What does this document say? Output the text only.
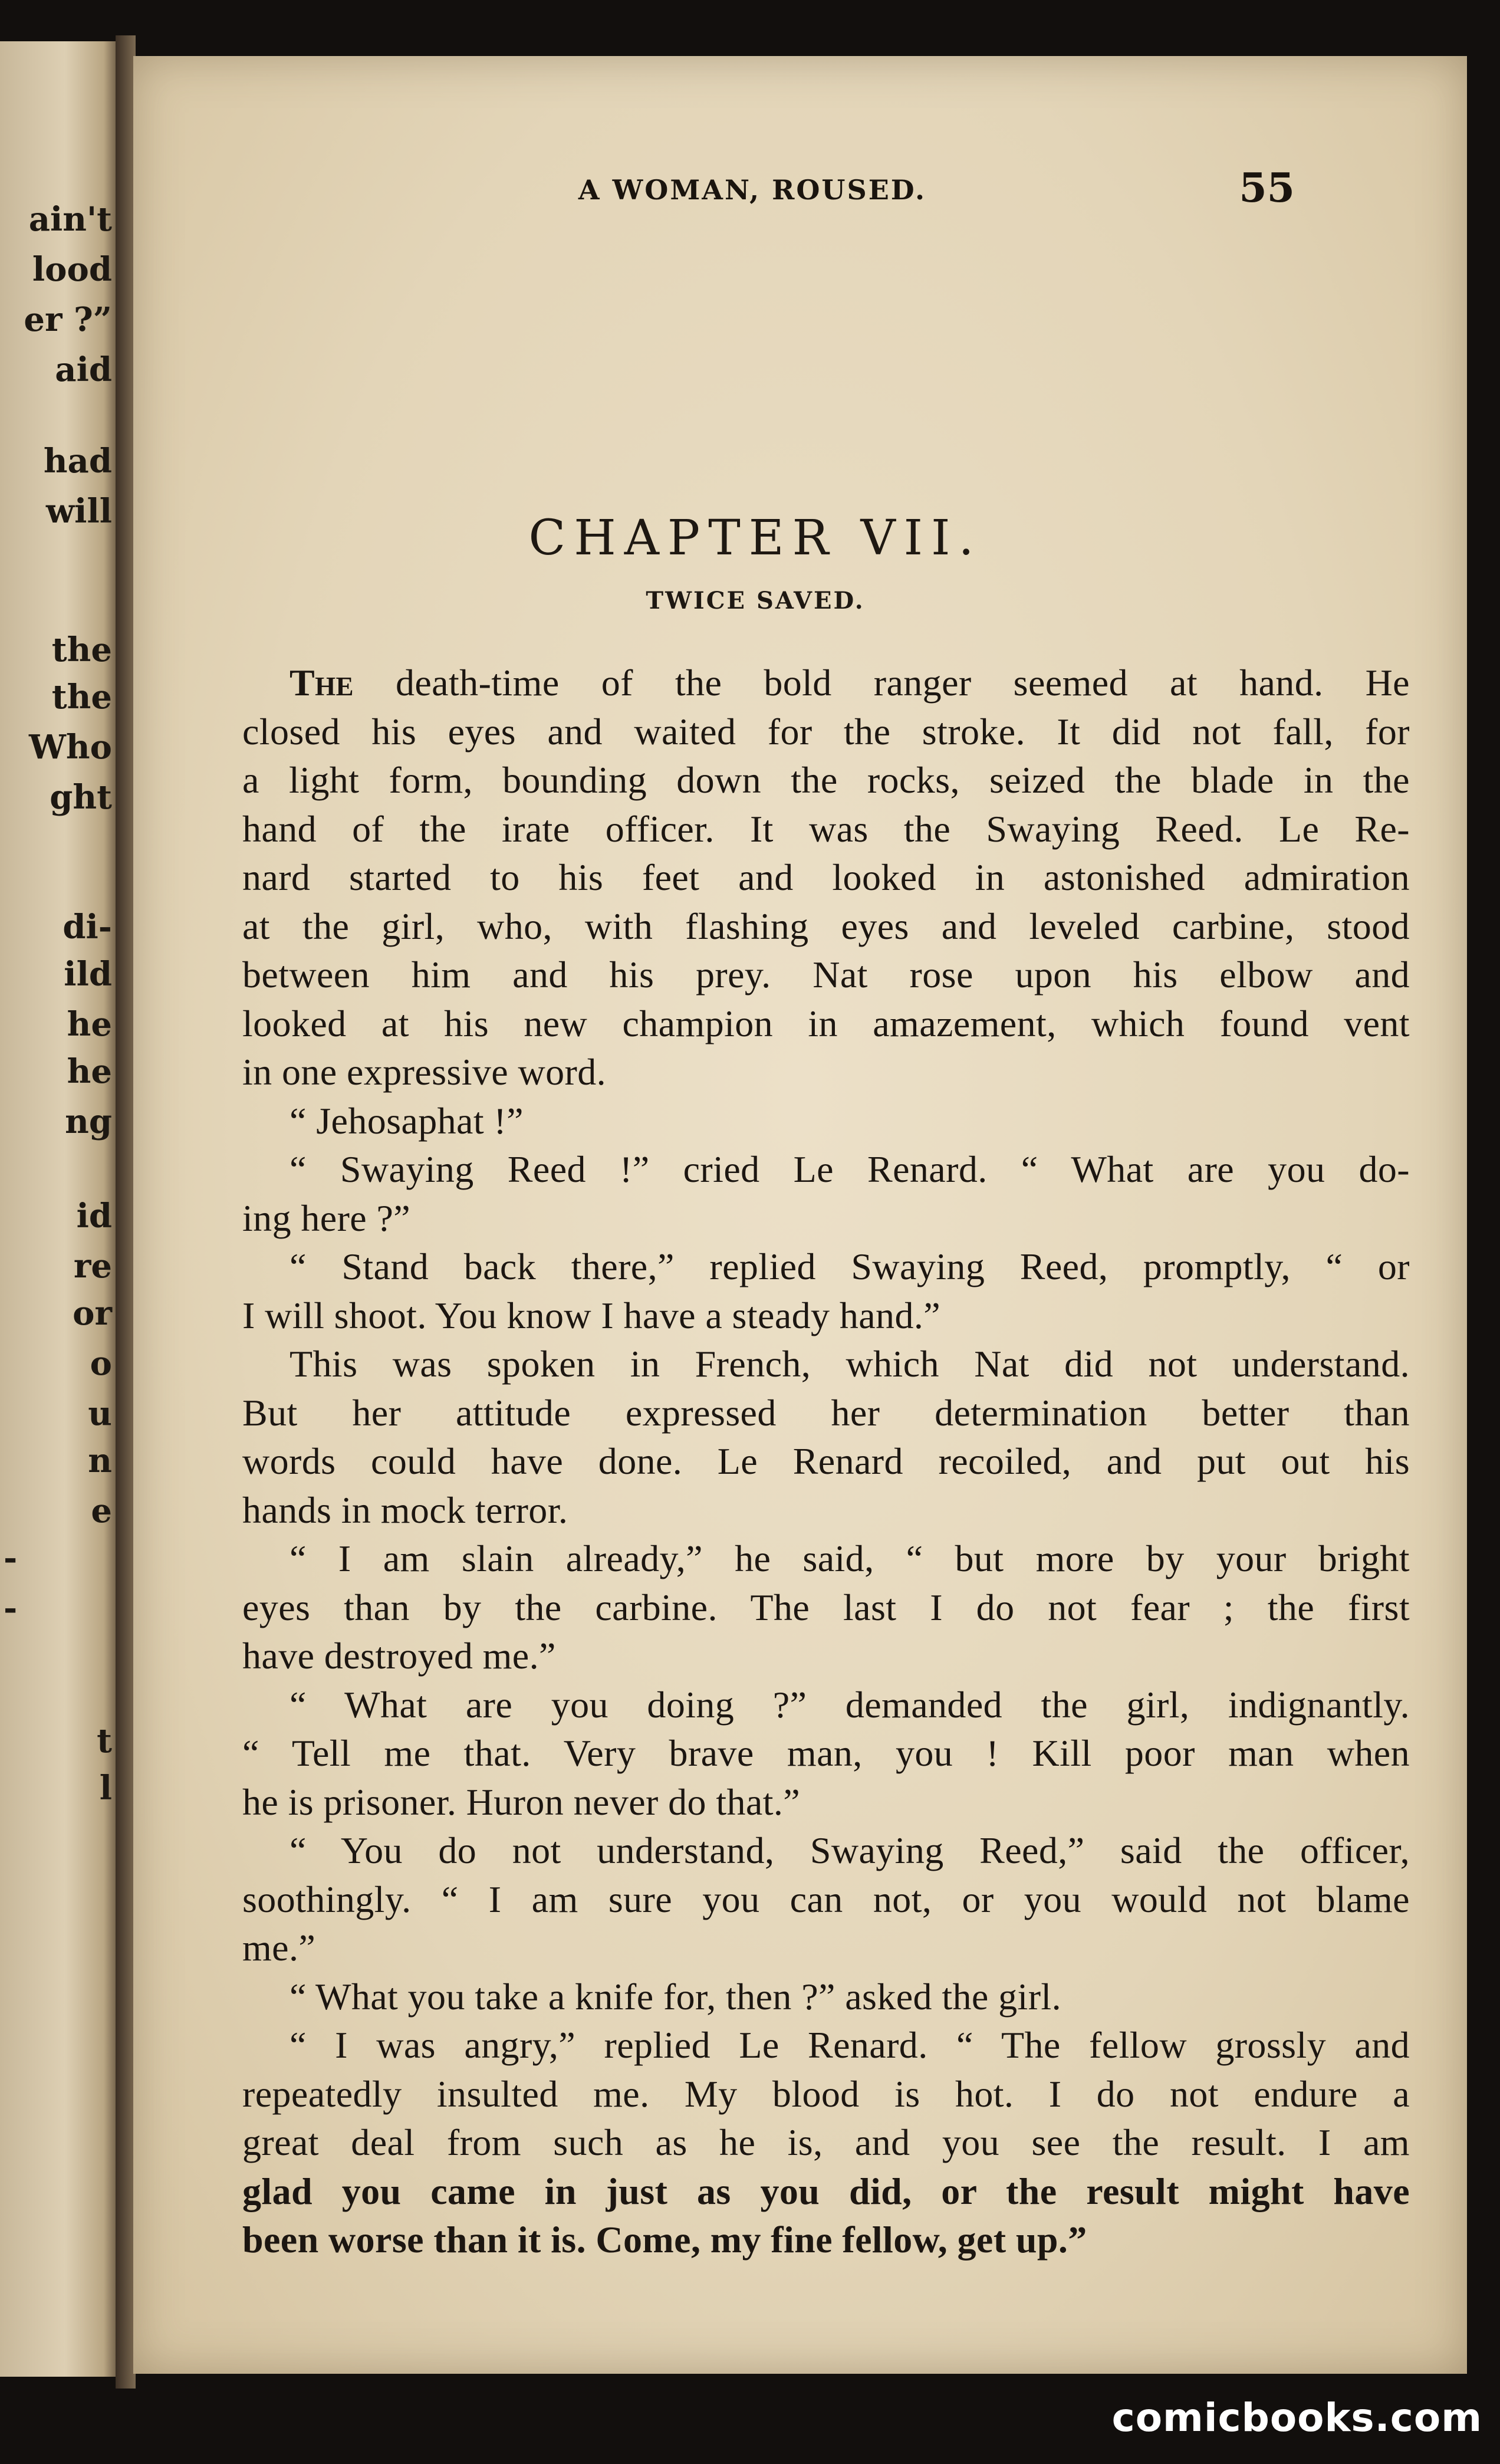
ain't
lood
er ?”
aid
had
will
the
the
Who
ght
di-
ild
he
he
ng
id
re
or
o
u
n
e
-
-
t
l
A WOMAN, ROUSED.	55
CHAPTER VII.
TWICE SAVED.
The death-time of the bold ranger seemed at hand. He
closed his eyes and waited for the stroke. It did not fall, for
a light form, bounding down the rocks, seized the blade in the
hand of the irate officer. It was the Swaying Reed. Le Re-
nard started to his feet and looked in astonished admiration
at the girl, who, with flashing eyes and leveled carbine, stood
between him and his prey. Nat rose upon his elbow and
looked at his new champion in amazement, which found vent
in one expressive word.
“ Jehosaphat !”
“ Swaying Reed !” cried Le Renard. “ What are you do-
ing here ?”
“ Stand back there,” replied Swaying Reed, promptly, “ or
I will shoot. You know I have a steady hand.”
This was spoken in French, which Nat did not understand.
But her attitude expressed her determination better than
words could have done. Le Renard recoiled, and put out his
hands in mock terror.
“ I am slain already,” he said, “ but more by your bright
eyes than by the carbine. The last I do not fear ; the first
have destroyed me.”
“ What are you doing ?” demanded the girl, indignantly.
“ Tell me that. Very brave man, you ! Kill poor man when
he is prisoner. Huron never do that.”
“ You do not understand, Swaying Reed,” said the officer,
soothingly. “ I am sure you can not, or you would not blame
me.”
“ What you take a knife for, then ?” asked the girl.
“ I was angry,” replied Le Renard. “ The fellow grossly and
repeatedly insulted me. My blood is hot. I do not endure a
great deal from such as he is, and you see the result. I am
glad you came in just as you did, or the result might have
been worse than it is. Come, my fine fellow, get up.”
comicbooks.com
